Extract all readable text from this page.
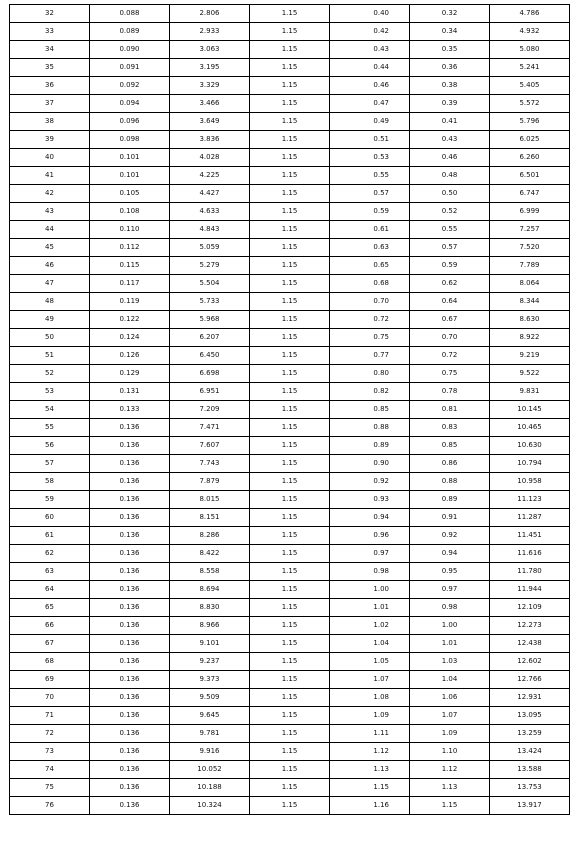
32	0.088	2.806	1.15	0.40	0.32	4.786
33	0.089	2.933	1.15	0.42	0.34	4.932
34	0.090	3.063	1.15	0.43	0.35	5.080
35	0.091	3.195	1.15	0.44	0.36	5.241
36	0.092	3.329	1.15	0.46	0.38	5.405
37	0.094	3.466	1.15	0.47	0.39	5.572
38	0.096	3.649	1.15	0.49	0.41	5.796
39	0.098	3.836	1.15	0.51	0.43	6.025
40	0.101	4.028	1.15	0.53	0.46	6.260
41	0.101	4.225	1.15	0.55	0.48	6.501
42	0.105	4.427	1.15	0.57	0.50	6.747
43	0.108	4.633	1.15	0.59	0.52	6.999
44	0.110	4.843	1.15	0.61	0.55	7.257
45	0.112	5.059	1.15	0.63	0.57	7.520
46	0.115	5.279	1.15	0.65	0.59	7.789
47	0.117	5.504	1.15	0.68	0.62	8.064
48	0.119	5.733	1.15	0.70	0.64	8.344
49	0.122	5.968	1.15	0.72	0.67	8.630
50	0.124	6.207	1.15	0.75	0.70	8.922
51	0.126	6.450	1.15	0.77	0.72	9.219
52	0.129	6.698	1.15	0.80	0.75	9.522
53	0.131	6.951	1.15	0.82	0.78	9.831
54	0.133	7.209	1.15	0.85	0.81	10.145
55	0.136	7.471	1.15	0.88	0.83	10.465
56	0.136	7.607	1.15	0.89	0.85	10.630
57	0.136	7.743	1.15	0.90	0.86	10.794
58	0.136	7.879	1.15	0.92	0.88	10.958
59	0.136	8.015	1.15	0.93	0.89	11.123
60	0.136	8.151	1.15	0.94	0.91	11.287
61	0.136	8.286	1.15	0.96	0.92	11.451
62	0.136	8.422	1.15	0.97	0.94	11.616
63	0.136	8.558	1.15	0.98	0.95	11.780
64	0.136	8.694	1.15	1.00	0.97	11.944
65	0.136	8.830	1.15	1.01	0.98	12.109
66	0.136	8.966	1.15	1.02	1.00	12.273
67	0.136	9.101	1.15	1.04	1.01	12.438
68	0.136	9.237	1.15	1.05	1.03	12.602
69	0.136	9.373	1.15	1.07	1.04	12.766
70	0.136	9.509	1.15	1.08	1.06	12.931
71	0.136	9.645	1.15	1.09	1.07	13.095
72	0.136	9.781	1.15	1.11	1.09	13.259
73	0.136	9.916	1.15	1.12	1.10	13.424
74	0.136	10.052	1.15	1.13	1.12	13.588
75	0.136	10.188	1.15	1.15	1.13	13.753
76	0.136	10.324	1.15	1.16	1.15	13.917
